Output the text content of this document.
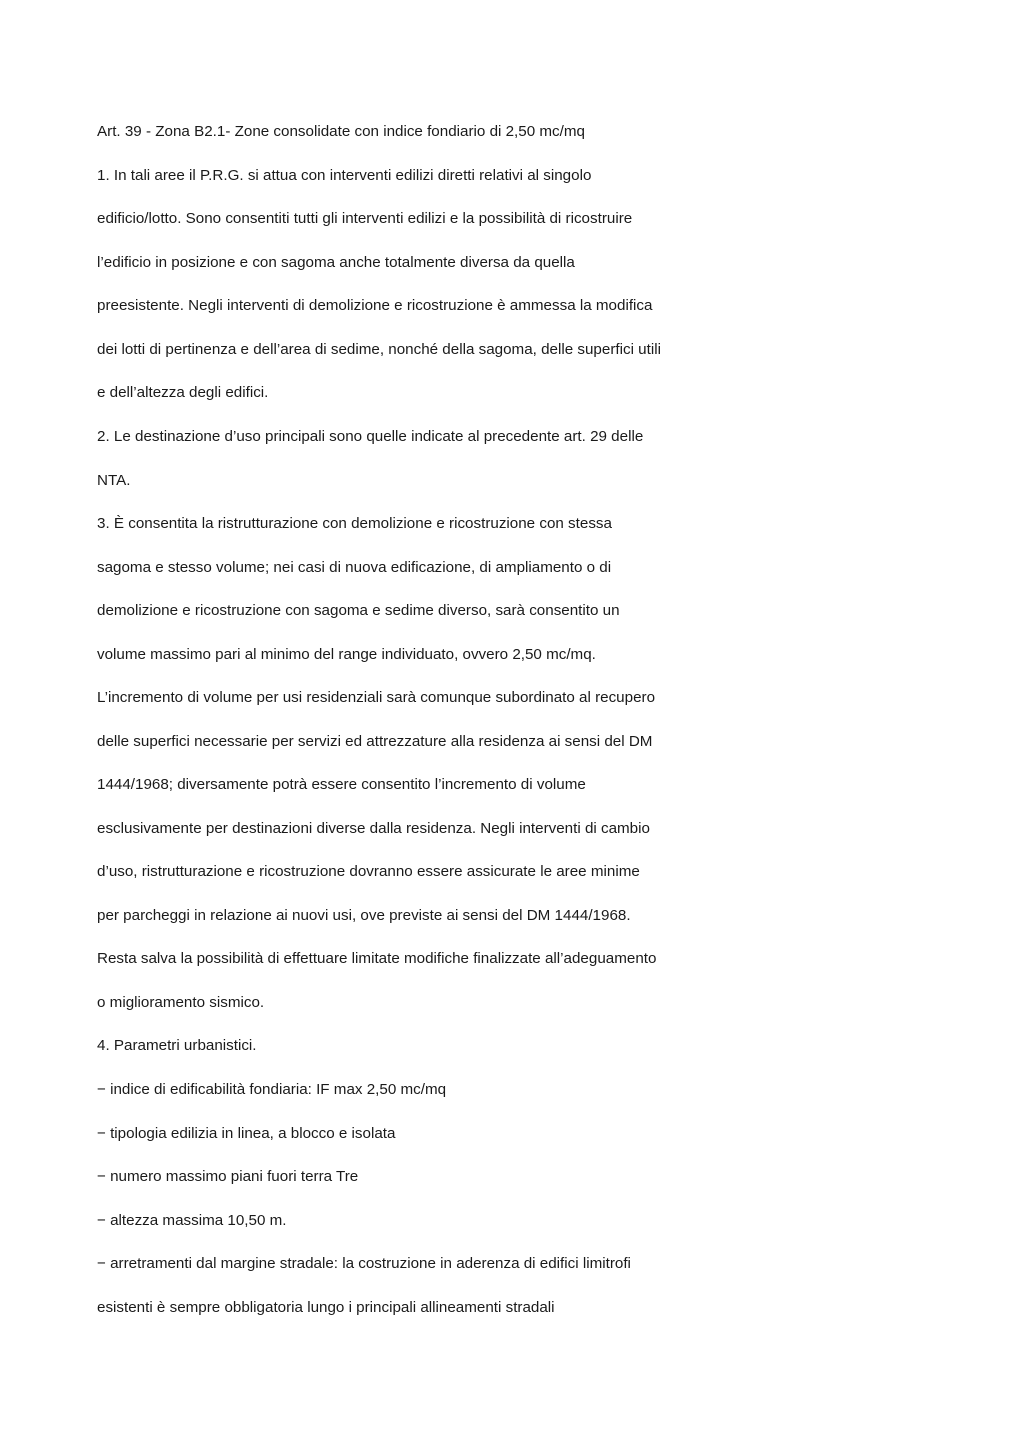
Art. 39 - Zona B2.1- Zone consolidate con indice fondiario di 2,50 mc/mq
1. In tali aree il P.R.G. si attua con interventi edilizi diretti relativi al singolo
edificio/lotto. Sono consentiti tutti gli interventi edilizi e la possibilità di ricostruire
l’edificio in posizione e con sagoma anche totalmente diversa da quella
preesistente. Negli interventi di demolizione e ricostruzione è ammessa la modifica
dei lotti di pertinenza e dell’area di sedime, nonché della sagoma, delle superfici utili
e dell’altezza degli edifici.
2. Le destinazione d’uso principali sono quelle indicate al precedente art. 29 delle
NTA.
3. È consentita la ristrutturazione con demolizione e ricostruzione con stessa
sagoma e stesso volume; nei casi di nuova edificazione, di ampliamento o di
demolizione e ricostruzione con sagoma e sedime diverso, sarà consentito un
volume massimo pari al minimo del range individuato, ovvero 2,50 mc/mq.
L’incremento di volume per usi residenziali sarà comunque subordinato al recupero
delle superfici necessarie per servizi ed attrezzature alla residenza ai sensi del DM
1444/1968; diversamente potrà essere consentito l’incremento di volume
esclusivamente per destinazioni diverse dalla residenza. Negli interventi di cambio
d’uso, ristrutturazione e ricostruzione dovranno essere assicurate le aree minime
per parcheggi in relazione ai nuovi usi, ove previste ai sensi del DM 1444/1968.
Resta salva la possibilità di effettuare limitate modifiche finalizzate all’adeguamento
o miglioramento sismico.
4. Parametri urbanistici.
− indice di edificabilità fondiaria: IF max 2,50 mc/mq
− tipologia edilizia in linea, a blocco e isolata
− numero massimo piani fuori terra Tre
− altezza massima 10,50 m.
− arretramenti dal margine stradale: la costruzione in aderenza di edifici limitrofi
esistenti è sempre obbligatoria lungo i principali allineamenti stradali
